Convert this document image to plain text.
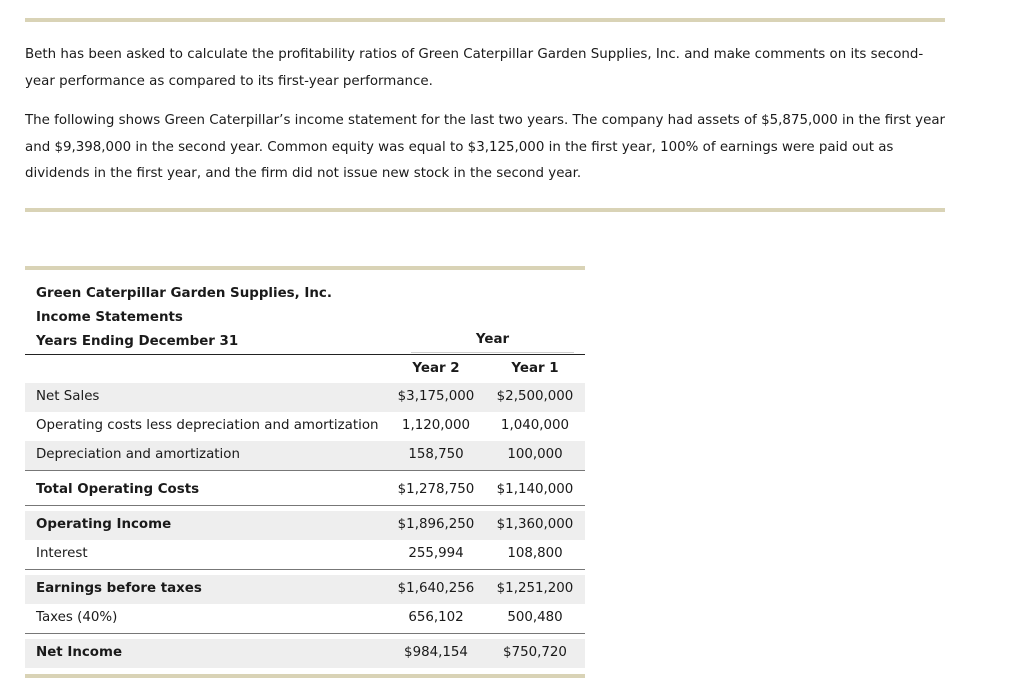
Beth has been asked to calculate the profitability ratios of Green Caterpillar Garden Supplies, Inc. and make comments on its second-year performance as compared to its first-year performance.

The following shows Green Caterpillar’s income statement for the last two years. The company had assets of $5,875,000 in the first year and $9,398,000 in the second year. Common equity was equal to $3,125,000 in the first year, 100% of earnings were paid out as dividends in the first year, and the firm did not issue new stock in the second year.

Green Caterpillar Garden Supplies, Inc.
Income Statements
Years Ending December 31	Year
Year 2	Year 1
Net Sales	$3,175,000	$2,500,000
Operating costs less depreciation and amortization	1,120,000	1,040,000
Depreciation and amortization	158,750	100,000
Total Operating Costs	$1,278,750	$1,140,000
Operating Income	$1,896,250	$1,360,000
Interest	255,994	108,800
Earnings before taxes	$1,640,256	$1,251,200
Taxes (40%)	656,102	500,480
Net Income	$984,154	$750,720
